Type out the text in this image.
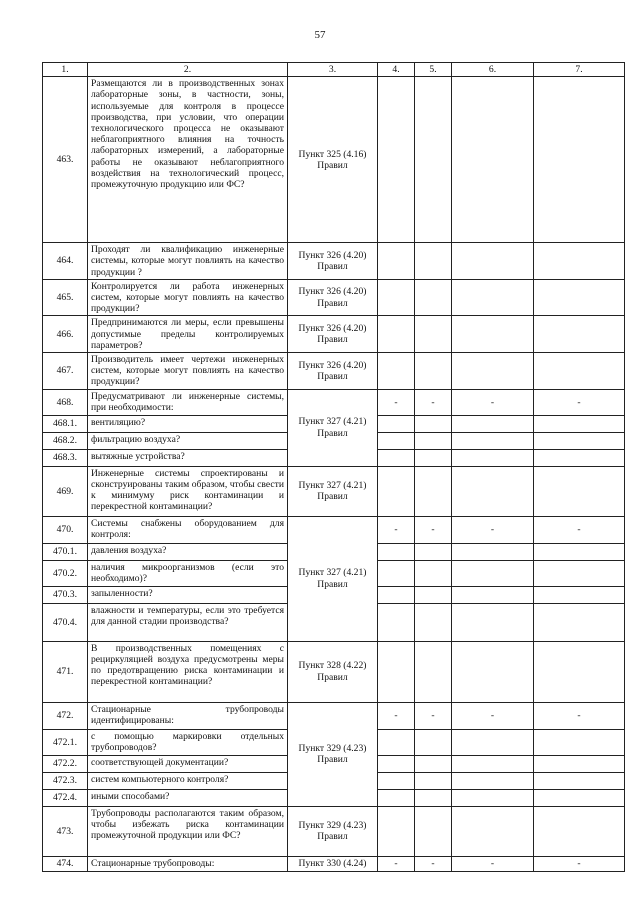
57
1.	2.	3.	4.	5.	6.	7.
463.	Размещаются ли в производственных зонах лабораторные зоны, в частности, зоны, используемые для контроля в процессе производства, при условии, что операции технологического процесса не оказывают неблагоприятного влияния на точность лабораторных измерений, а лабораторные работы не оказывают неблагоприятного воздействия на технологический процесс, промежуточную продукцию или ФС?	Пункт 325 (4.16) Правил				
464.	Проходят ли квалификацию инженерные системы, которые могут повлиять на качество продукции ?	Пункт 326 (4.20) Правил				
465.	Контролируется ли работа инженерных систем, которые могут повлиять на качество продукции?	Пункт 326 (4.20) Правил				
466.	Предпринимаются ли меры, если превышены допустимые пределы контролируемых параметров?	Пункт 326 (4.20) Правил				
467.	Производитель имеет чертежи инженерных систем, которые могут повлиять на качество продукции?	Пункт 326 (4.20) Правил				
468.	Предусматривают ли инженерные системы, при необходимости:	Пункт 327 (4.21) Правил	-	-	-	-
468.1.	вентиляцию?					
468.2.	фильтрацию воздуха?					
468.3.	вытяжные устройства?					
469.	Инженерные системы спроектированы и сконструированы таким образом, чтобы свести к минимуму риск контаминации и перекрестной контаминации?	Пункт 327 (4.21) Правил				
470.	Системы снабжены оборудованием для контроля:	Пункт 327 (4.21) Правил	-	-	-	-
470.1.	давления воздуха?					
470.2.	наличия микроорганизмов (если это необходимо)?					
470.3.	запыленности?					
470.4.	влажности и температуры, если это требуется для данной стадии производства?					
471.	В производственных помещениях с рециркуляцией воздуха предусмотрены меры по предотвращению риска контаминации и перекрестной контаминации?	Пункт 328 (4.22) Правил				
472.	Стационарные трубопроводы идентифицированы:	Пункт 329 (4.23) Правил	-	-	-	-
472.1.	с помощью маркировки отдельных трубопроводов?					
472.2.	соответствующей документации?					
472.3.	систем компьютерного контроля?					
472.4.	иными способами?					
473.	Трубопроводы располагаются таким образом, чтобы избежать риска контаминации промежуточной продукции или ФС?	Пункт 329 (4.23) Правил				
474.	Стационарные трубопроводы:	Пункт 330 (4.24)	-	-	-	-
